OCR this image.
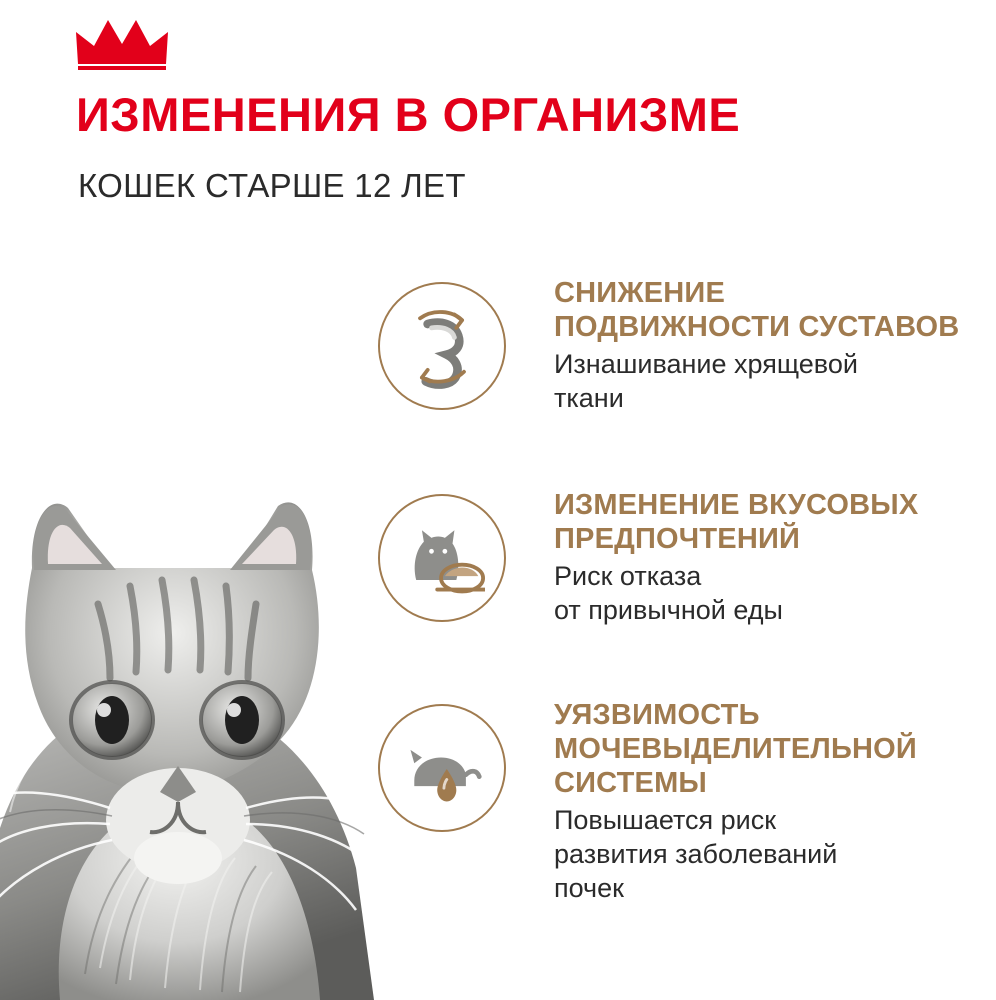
ИЗМЕНЕНИЯ В ОРГАНИЗМЕ
КОШЕК СТАРШЕ 12 ЛЕТ
СНИЖЕНИЕ
ПОДВИЖНОСТИ СУСТАВОВ
Изнашивание хрящевой
ткани
ИЗМЕНЕНИЕ ВКУСОВЫХ
ПРЕДПОЧТЕНИЙ
Риск отказа
от привычной еды
УЯЗВИМОСТЬ
МОЧЕВЫДЕЛИТЕЛЬНОЙ
СИСТЕМЫ
Повышается риск
развития заболеваний
почек
